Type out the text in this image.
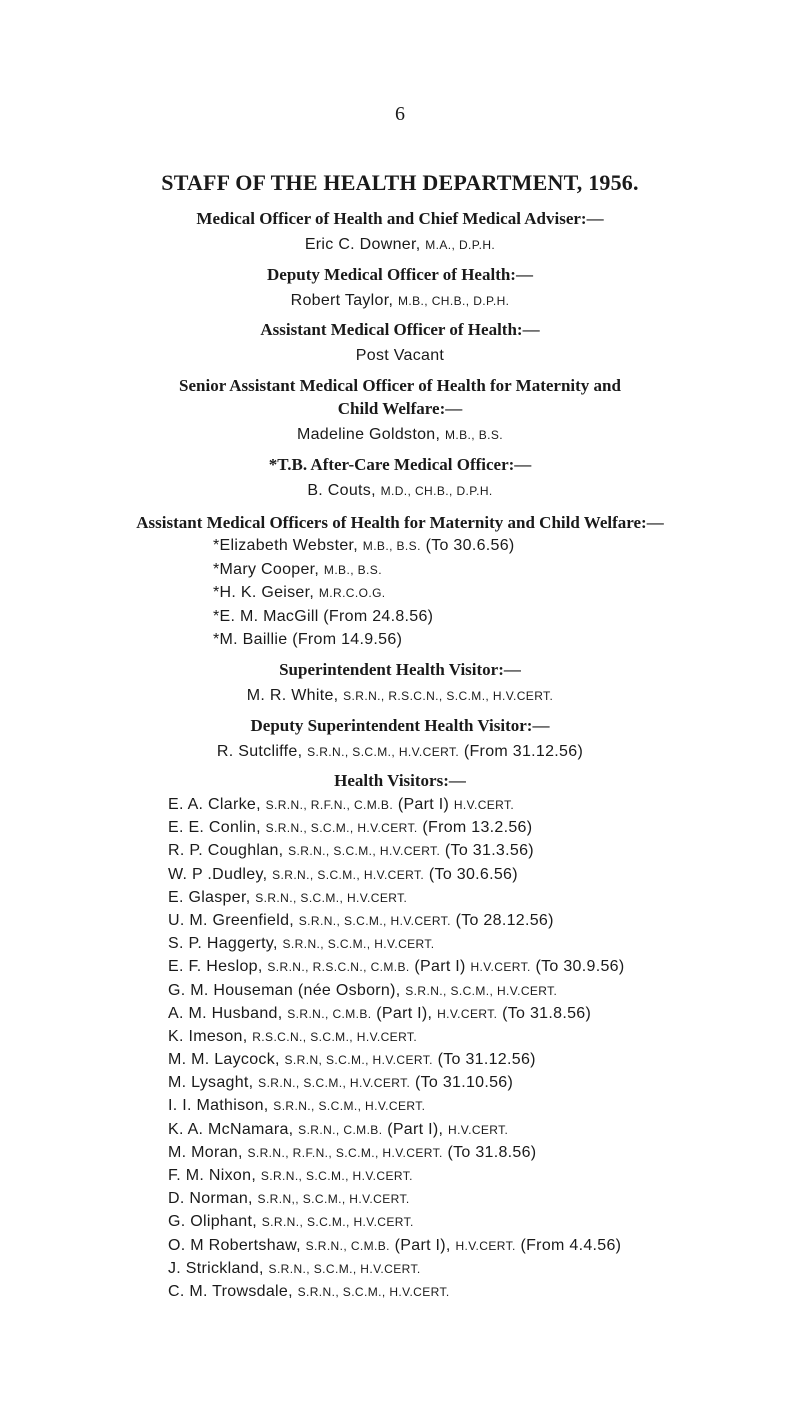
6
STAFF OF THE HEALTH DEPARTMENT, 1956.
Medical Officer of Health and Chief Medical Adviser:—
Eric C. Downer, M.A., D.P.H.
Deputy Medical Officer of Health:—
Robert Taylor, M.B., CH.B., D.P.H.
Assistant Medical Officer of Health:—
Post Vacant
Senior Assistant Medical Officer of Health for Maternity and
Child Welfare:—
Madeline Goldston, M.B., B.S.
*T.B. After-Care Medical Officer:—
B. Couts, M.D., CH.B., D.P.H.
Assistant Medical Officers of Health for Maternity and Child Welfare:—
*Elizabeth Webster, M.B., B.S. (To 30.6.56)
*Mary Cooper, M.B., B.S.
*H. K. Geiser, M.R.C.O.G.
*E. M. MacGill (From 24.8.56)
*M. Baillie (From 14.9.56)
Superintendent Health Visitor:—
M. R. White, S.R.N., R.S.C.N., S.C.M., H.V.CERT.
Deputy Superintendent Health Visitor:—
R. Sutcliffe, S.R.N., S.C.M., H.V.CERT. (From 31.12.56)
Health Visitors:—
E. A. Clarke, S.R.N., R.F.N., C.M.B. (Part I) H.V.CERT.
E. E. Conlin, S.R.N., S.C.M., H.V.CERT. (From 13.2.56)
R. P. Coughlan, S.R.N., S.C.M., H.V.CERT. (To 31.3.56)
W. P .Dudley, S.R.N., S.C.M., H.V.CERT. (To 30.6.56)
E. Glasper, S.R.N., S.C.M., H.V.CERT.
U. M. Greenfield, S.R.N., S.C.M., H.V.CERT. (To 28.12.56)
S. P. Haggerty, S.R.N., S.C.M., H.V.CERT.
E. F. Heslop, S.R.N., R.S.C.N., C.M.B. (Part I) H.V.CERT. (To 30.9.56)
G. M. Houseman (née Osborn), S.R.N., S.C.M., H.V.CERT.
A. M. Husband, S.R.N., C.M.B. (Part I), H.V.CERT. (To 31.8.56)
K. Imeson, R.S.C.N., S.C.M., H.V.CERT.
M. M. Laycock, S.R.N, S.C.M., H.V.CERT. (To 31.12.56)
M. Lysaght, S.R.N., S.C.M., H.V.CERT. (To 31.10.56)
I. I. Mathison, S.R.N., S.C.M., H.V.CERT.
K. A. McNamara, S.R.N., C.M.B. (Part I), H.V.CERT.
M. Moran, S.R.N., R.F.N., S.C.M., H.V.CERT. (To 31.8.56)
F. M. Nixon, S.R.N., S.C.M., H.V.CERT.
D. Norman, S.R.N,, S.C.M., H.V.CERT.
G. Oliphant, S.R.N., S.C.M., H.V.CERT.
O. M Robertshaw, S.R.N., C.M.B. (Part I), H.V.CERT. (From 4.4.56)
J. Strickland, S.R.N., S.C.M., H.V.CERT.
C. M. Trowsdale, S.R.N., S.C.M., H.V.CERT.
